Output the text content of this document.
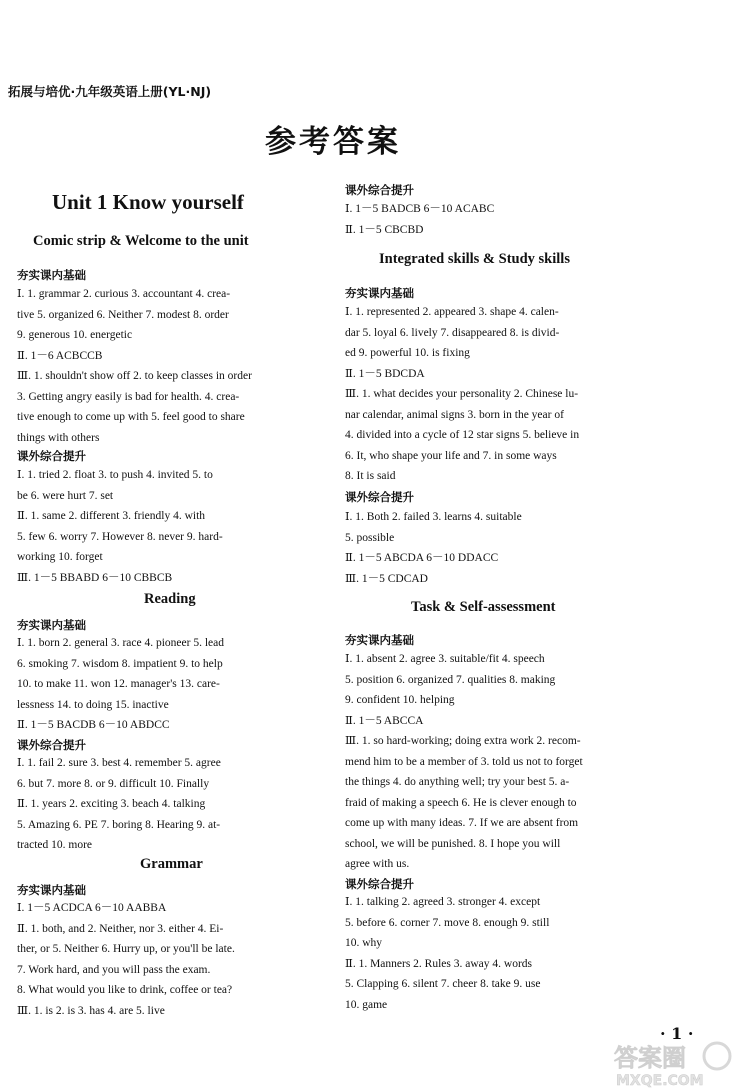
拓展与培优·九年级英语上册(YL·NJ)
参考答案
Unit 1 Know yourself
Comic strip & Welcome to the unit
夯实课内基础
Ⅰ. 1. grammar 2. curious 3. accountant 4. crea-
tive 5. organized 6. Neither 7. modest 8. order
9. generous 10. energetic
Ⅱ. 1－6 ACBCCB
Ⅲ. 1. shouldn't show off 2. to keep classes in order
3. Getting angry easily is bad for health. 4. crea-
tive enough to come up with 5. feel good to share
things with others
课外综合提升
Ⅰ. 1. tried 2. float 3. to push 4. invited 5. to
be 6. were hurt 7. set
Ⅱ. 1. same 2. different 3. friendly 4. with
5. few 6. worry 7. However 8. never 9. hard-
working 10. forget
Ⅲ. 1－5 BBABD 6－10 CBBCB
Reading
夯实课内基础
Ⅰ. 1. born 2. general 3. race 4. pioneer 5. lead
6. smoking 7. wisdom 8. impatient 9. to help
10. to make 11. won 12. manager's 13. care-
lessness 14. to doing 15. inactive
Ⅱ. 1－5 BACDB 6－10 ABDCC
课外综合提升
Ⅰ. 1. fail 2. sure 3. best 4. remember 5. agree
6. but 7. more 8. or 9. difficult 10. Finally
Ⅱ. 1. years 2. exciting 3. beach 4. talking
5. Amazing 6. PE 7. boring 8. Hearing 9. at-
tracted 10. more
Grammar
夯实课内基础
Ⅰ. 1－5 ACDCA 6－10 AABBA
Ⅱ. 1. both, and 2. Neither, nor 3. either 4. Ei-
ther, or 5. Neither 6. Hurry up, or you'll be late.
7. Work hard, and you will pass the exam.
8. What would you like to drink, coffee or tea?
Ⅲ. 1. is 2. is 3. has 4. are 5. live
课外综合提升
Ⅰ. 1－5 BADCB 6－10 ACABC
Ⅱ. 1－5 CBCBD
Integrated skills & Study skills
夯实课内基础
Ⅰ. 1. represented 2. appeared 3. shape 4. calen-
dar 5. loyal 6. lively 7. disappeared 8. is divid-
ed 9. powerful 10. is fixing
Ⅱ. 1－5 BDCDA
Ⅲ. 1. what decides your personality 2. Chinese lu-
nar calendar, animal signs 3. born in the year of
4. divided into a cycle of 12 star signs 5. believe in
6. It, who shape your life and 7. in some ways
8. It is said
课外综合提升
Ⅰ. 1. Both 2. failed 3. learns 4. suitable
5. possible
Ⅱ. 1－5 ABCDA 6－10 DDACC
Ⅲ. 1－5 CDCAD
Task & Self-assessment
夯实课内基础
Ⅰ. 1. absent 2. agree 3. suitable/fit 4. speech
5. position 6. organized 7. qualities 8. making
9. confident 10. helping
Ⅱ. 1－5 ABCCA
Ⅲ. 1. so hard-working; doing extra work 2. recom-
mend him to be a member of 3. told us not to forget
the things 4. do anything well; try your best 5. a-
fraid of making a speech 6. He is clever enough to
come up with many ideas. 7. If we are absent from
school, we will be punished. 8. I hope you will
agree with us.
课外综合提升
Ⅰ. 1. talking 2. agreed 3. stronger 4. except
5. before 6. corner 7. move 8. enough 9. still
10. why
Ⅱ. 1. Manners 2. Rules 3. away 4. words
5. Clapping 6. silent 7. cheer 8. take 9. use
10. game
· 1 ·
答案圈
MXQE.COM
